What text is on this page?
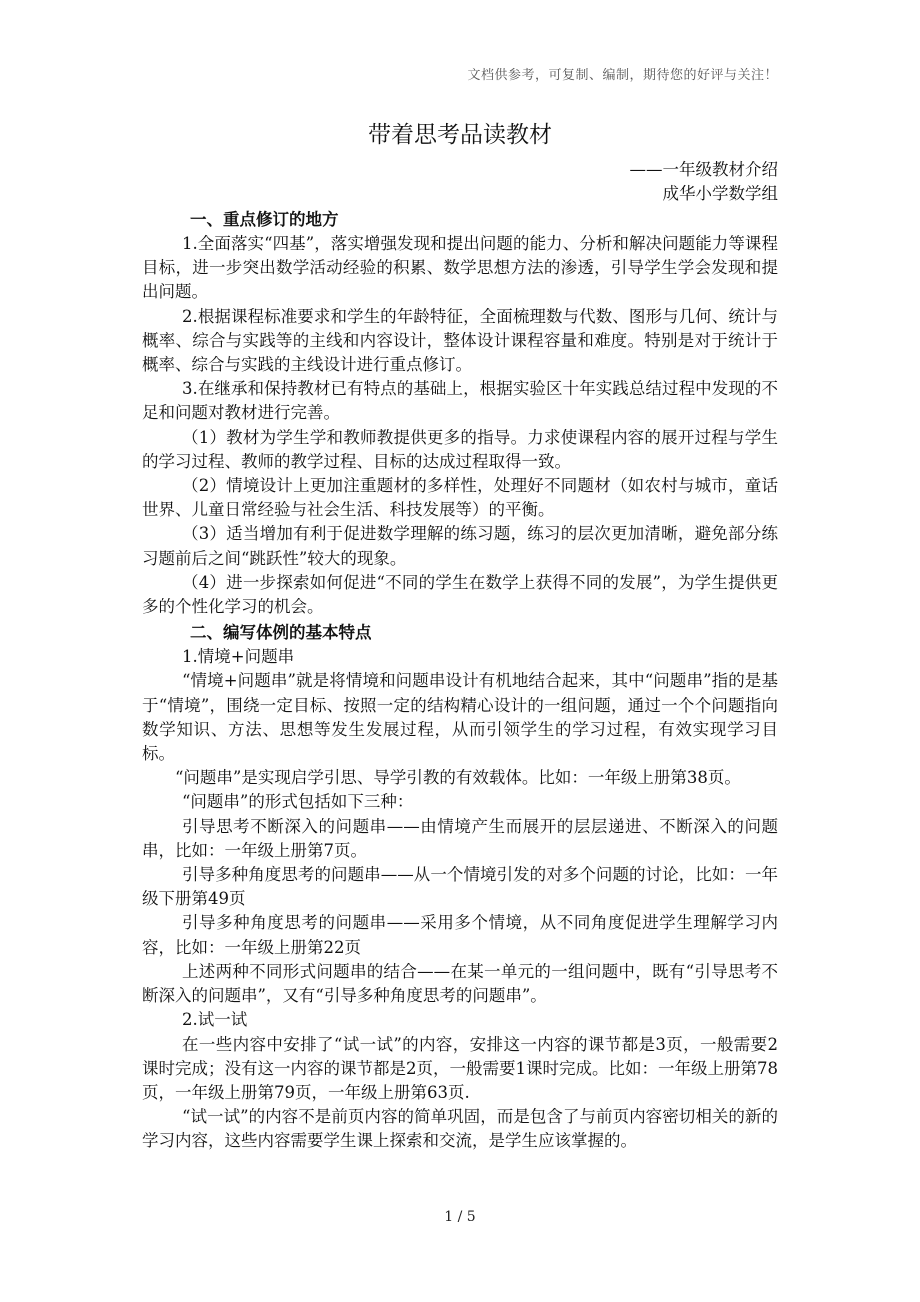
文档供参考，可复制、编制，期待您的好评与关注！
带着思考品读教材
——一年级教材介绍
成华小学数学组
一、重点修订的地方

1.全面落实“四基”，落实增强发现和提出问题的能力、分析和解决问题能力等课程目标，进一步突出数学活动经验的积累、数学思想方法的渗透，引导学生学会发现和提出问题。

2.根据课程标准要求和学生的年龄特征，全面梳理数与代数、图形与几何、统计与概率、综合与实践等的主线和内容设计，整体设计课程容量和难度。特别是对于统计于概率、综合与实践的主线设计进行重点修订。

3.在继承和保持教材已有特点的基础上，根据实验区十年实践总结过程中发现的不足和问题对教材进行完善。

（1）教材为学生学和教师教提供更多的指导。力求使课程内容的展开过程与学生的学习过程、教师的教学过程、目标的达成过程取得一致。

（2）情境设计上更加注重题材的多样性，处理好不同题材（如农村与城市，童话世界、儿童日常经验与社会生活、科技发展等）的平衡。

（3）适当增加有利于促进数学理解的练习题，练习的层次更加清晰，避免部分练习题前后之间“跳跃性”较大的现象。

（4）进一步探索如何促进“不同的学生在数学上获得不同的发展”，为学生提供更多的个性化学习的机会。

二、编写体例的基本特点

1.情境+问题串

“情境+问题串”就是将情境和问题串设计有机地结合起来，其中“问题串”指的是基于“情境”，围绕一定目标、按照一定的结构精心设计的一组问题，通过一个个问题指向数学知识、方法、思想等发生发展过程，从而引领学生的学习过程，有效实现学习目标。

“问题串”是实现启学引思、导学引教的有效载体。比如：一年级上册第38页。

“问题串”的形式包括如下三种：

引导思考不断深入的问题串——由情境产生而展开的层层递进、不断深入的问题串，比如：一年级上册第7页。

引导多种角度思考的问题串——从一个情境引发的对多个问题的讨论，比如：一年级下册第49页

引导多种角度思考的问题串——采用多个情境，从不同角度促进学生理解学习内容，比如：一年级上册第22页

上述两种不同形式问题串的结合——在某一单元的一组问题中，既有“引导思考不断深入的问题串”，又有“引导多种角度思考的问题串”。

2.试一试

在一些内容中安排了“试一试”的内容，安排这一内容的课节都是3页，一般需要2课时完成；没有这一内容的课节都是2页，一般需要1课时完成。比如：一年级上册第78页，一年级上册第79页，一年级上册第63页.

“试一试”的内容不是前页内容的简单巩固，而是包含了与前页内容密切相关的新的学习内容，这些内容需要学生课上探索和交流，是学生应该掌握的。

1 / 5
